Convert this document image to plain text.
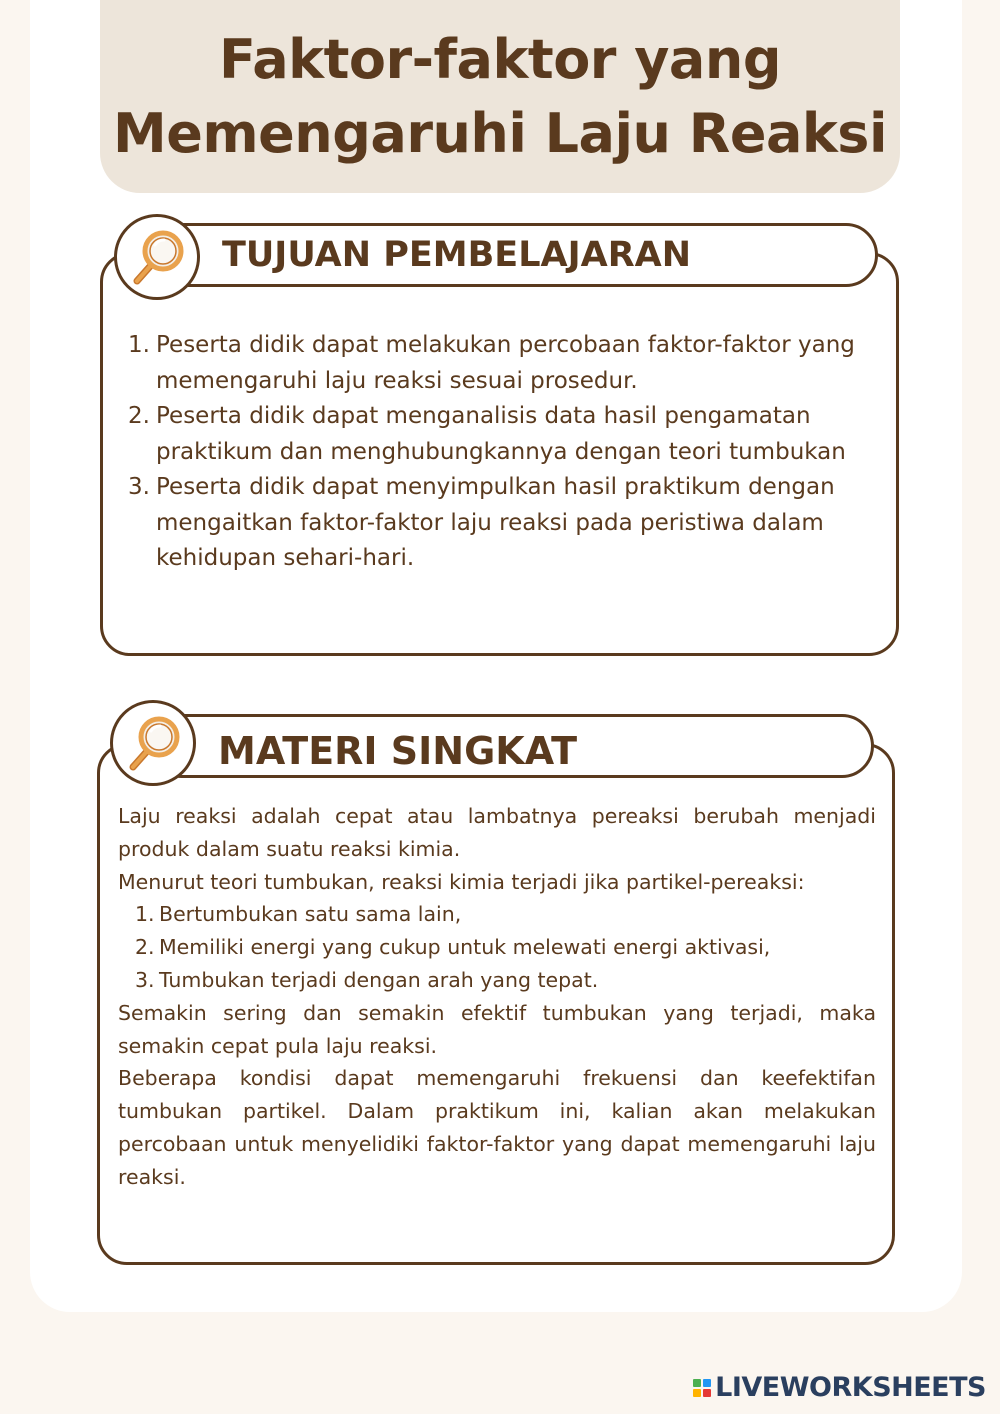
Faktor-faktor yang
Memengaruhi Laju Reaksi
TUJUAN PEMBELAJARAN
Peserta didik dapat melakukan percobaan faktor-faktor yang memengaruhi laju reaksi sesuai prosedur.
Peserta didik dapat menganalisis data hasil pengamatan praktikum dan menghubungkannya dengan teori tumbukan
Peserta didik dapat menyimpulkan hasil praktikum dengan mengaitkan faktor-faktor laju reaksi pada peristiwa dalam kehidupan sehari-hari.
MATERI SINGKAT

Laju reaksi adalah cepat atau lambatnya pereaksi berubah menjadi produk dalam suatu reaksi kimia.

Menurut teori tumbukan, reaksi kimia terjadi jika partikel-pereaksi:

Bertumbukan satu sama lain,
Memiliki energi yang cukup untuk melewati energi aktivasi,
Tumbukan terjadi dengan arah yang tepat.

Semakin sering dan semakin efektif tumbukan yang terjadi, maka semakin cepat pula laju reaksi.

Beberapa kondisi dapat memengaruhi frekuensi dan keefektifan tumbukan partikel. Dalam praktikum ini, kalian akan melakukan percobaan untuk menyelidiki faktor-faktor yang dapat memengaruhi laju reaksi.

LIVEWORKSHEETS
